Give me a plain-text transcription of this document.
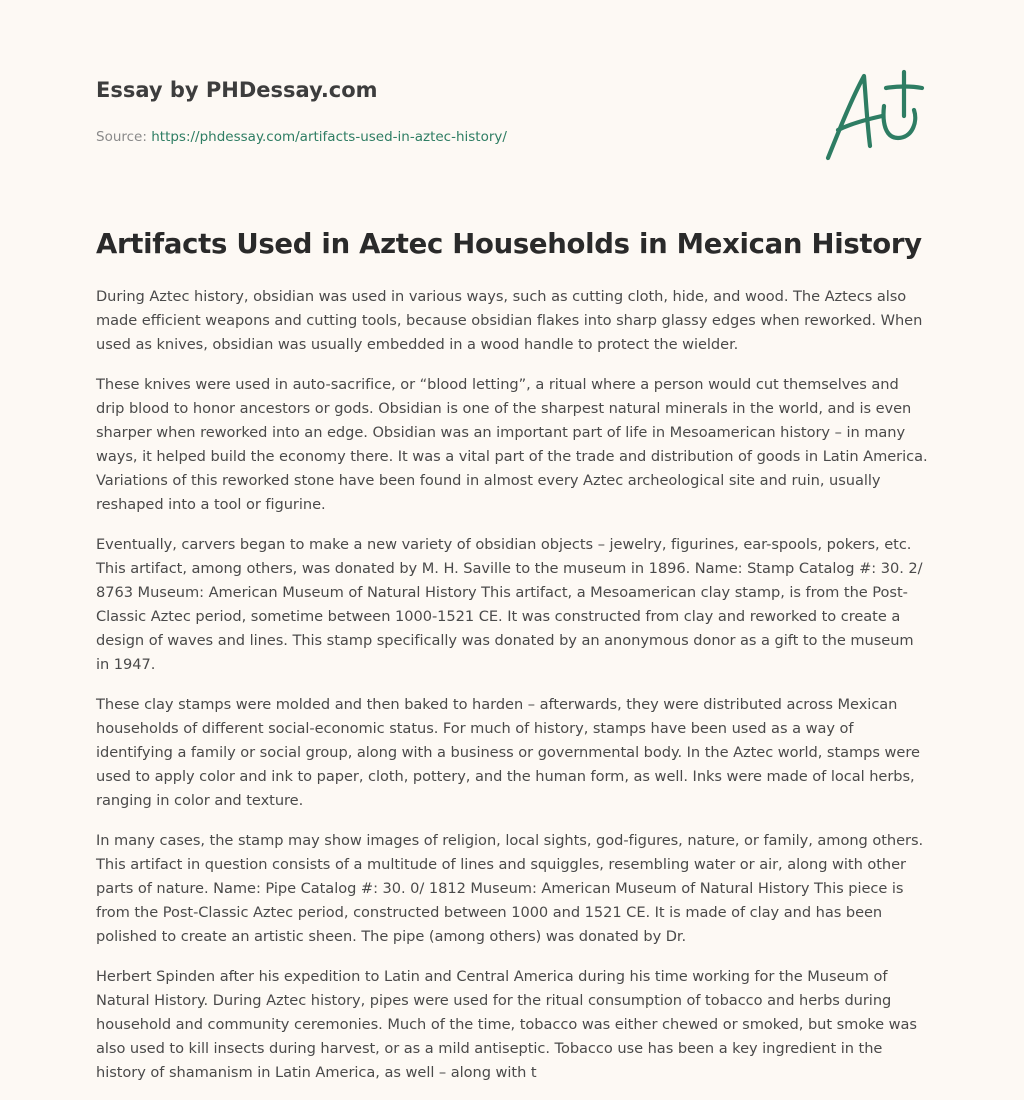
Essay by PHDessay.com
Source: https://phdessay.com/artifacts-used-in-aztec-history/
Artifacts Used in Aztec Households in Mexican History

During Aztec history, obsidian was used in various ways, such as cutting cloth, hide, and wood. The Aztecs also made efficient weapons and cutting tools, because obsidian flakes into sharp glassy edges when reworked. When used as knives, obsidian was usually embedded in a wood handle to protect the wielder.

These knives were used in auto-sacrifice, or “blood letting”, a ritual where a person would cut themselves and drip blood to honor ancestors or gods. Obsidian is one of the sharpest natural minerals in the world, and is even sharper when reworked into an edge. Obsidian was an important part of life in Mesoamerican history – in many ways, it helped build the economy there. It was a vital part of the trade and distribution of goods in Latin America. Variations of this reworked stone have been found in almost every Aztec archeological site and ruin, usually reshaped into a tool or figurine.

Eventually, carvers began to make a new variety of obsidian objects – jewelry, figurines, ear-spools, pokers, etc. This artifact, among others, was donated by M. H. Saville to the museum in 1896. Name: Stamp Catalog #: 30. 2/ 8763 Museum: American Museum of Natural History This artifact, a Mesoamerican clay stamp, is from the Post-Classic Aztec period, sometime between 1000-1521 CE. It was constructed from clay and reworked to create a design of waves and lines. This stamp specifically was donated by an anonymous donor as a gift to the museum in 1947.

These clay stamps were molded and then baked to harden – afterwards, they were distributed across Mexican households of different social-economic status. For much of history, stamps have been used as a way of identifying a family or social group, along with a business or governmental body. In the Aztec world, stamps were used to apply color and ink to paper, cloth, pottery, and the human form, as well. Inks were made of local herbs, ranging in color and texture.

In many cases, the stamp may show images of religion, local sights, god-figures, nature, or family, among others. This artifact in question consists of a multitude of lines and squiggles, resembling water or air, along with other parts of nature. Name: Pipe Catalog #: 30. 0/ 1812 Museum: American Museum of Natural History This piece is from the Post-Classic Aztec period, constructed between 1000 and 1521 CE. It is made of clay and has been polished to create an artistic sheen. The pipe (among others) was donated by Dr.

Herbert Spinden after his expedition to Latin and Central America during his time working for the Museum of Natural History. During Aztec history, pipes were used for the ritual consumption of tobacco and herbs during household and community ceremonies. Much of the time, tobacco was either chewed or smoked, but smoke was also used to kill insects during harvest, or as a mild antiseptic. Tobacco use has been a key ingredient in the history of shamanism in Latin America, as well – along with t
